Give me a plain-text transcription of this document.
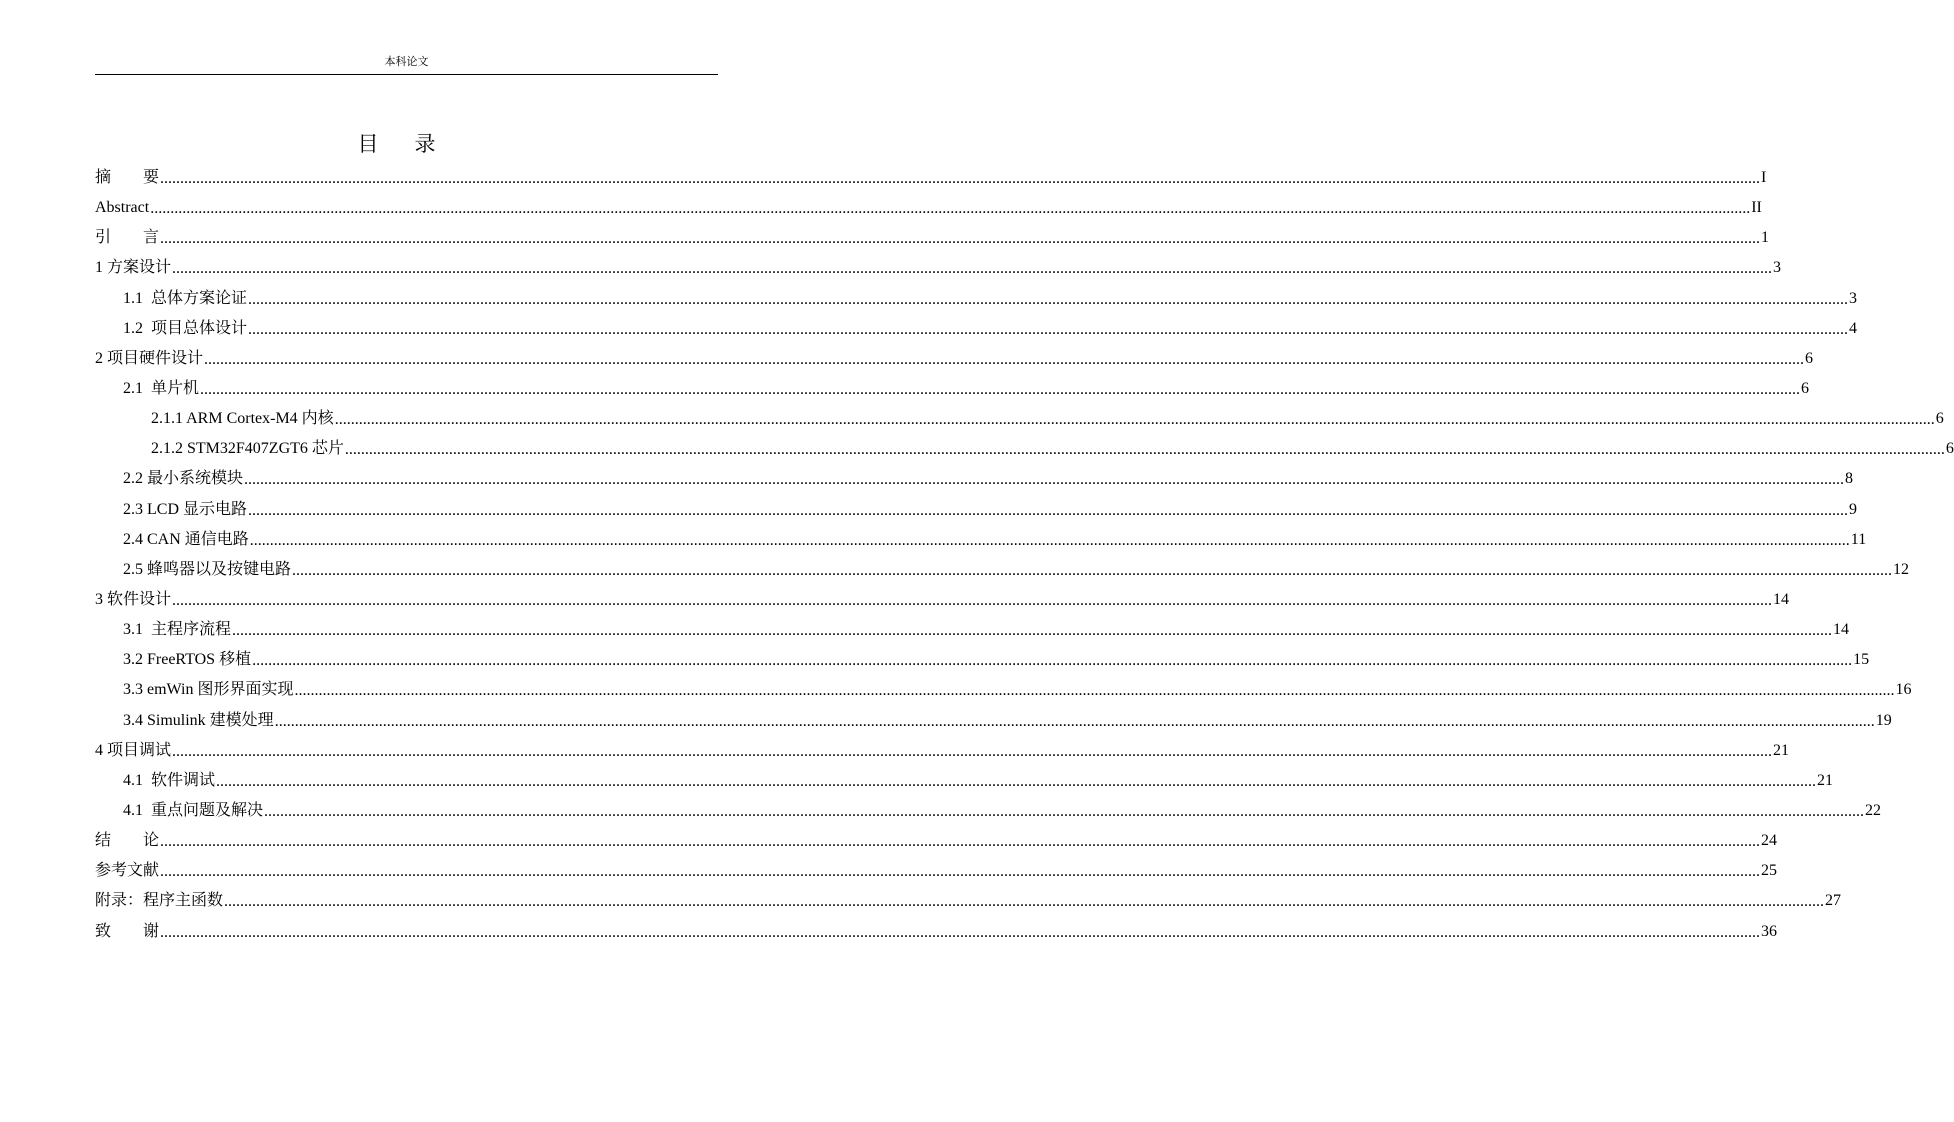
本科论文
目 录
摘　　要 ................................................................................................................................................................................................................................................................................................................................................................................................................ I
Abstract ................................................................................................................................................................................................................................................................................................................................................................................................................ II
引　　言 ................................................................................................................................................................................................................................................................................................................................................................................................................ 1
1 方案设计 ................................................................................................................................................................................................................................................................................................................................................................................................................ 3
1.1  总体方案论证 ................................................................................................................................................................................................................................................................................................................................................................................................................ 3
1.2  项目总体设计 ................................................................................................................................................................................................................................................................................................................................................................................................................ 4
2 项目硬件设计 ................................................................................................................................................................................................................................................................................................................................................................................................................ 6
2.1  单片机 ................................................................................................................................................................................................................................................................................................................................................................................................................ 6
2.1.1 ARM Cortex-M4 内核 ................................................................................................................................................................................................................................................................................................................................................................................................................ 6
2.1.2 STM32F407ZGT6 芯片 ................................................................................................................................................................................................................................................................................................................................................................................................................ 6
2.2 最小系统模块 ................................................................................................................................................................................................................................................................................................................................................................................................................ 8
2.3 LCD 显示电路 ................................................................................................................................................................................................................................................................................................................................................................................................................ 9
2.4 CAN 通信电路 ................................................................................................................................................................................................................................................................................................................................................................................................................ 11
2.5 蜂鸣器以及按键电路 ................................................................................................................................................................................................................................................................................................................................................................................................................ 12
3 软件设计 ................................................................................................................................................................................................................................................................................................................................................................................................................ 14
3.1  主程序流程 ................................................................................................................................................................................................................................................................................................................................................................................................................ 14
3.2 FreeRTOS 移植 ................................................................................................................................................................................................................................................................................................................................................................................................................ 15
3.3 emWin 图形界面实现 ................................................................................................................................................................................................................................................................................................................................................................................................................ 16
3.4 Simulink 建模处理 ................................................................................................................................................................................................................................................................................................................................................................................................................ 19
4 项目调试 ................................................................................................................................................................................................................................................................................................................................................................................................................ 21
4.1  软件调试 ................................................................................................................................................................................................................................................................................................................................................................................................................ 21
4.1  重点问题及解决 ................................................................................................................................................................................................................................................................................................................................................................................................................ 22
结　　论 ................................................................................................................................................................................................................................................................................................................................................................................................................ 24
参考文献 ................................................................................................................................................................................................................................................................................................................................................................................................................ 25
附录：程序主函数 ................................................................................................................................................................................................................................................................................................................................................................................................................ 27
致　　谢 ................................................................................................................................................................................................................................................................................................................................................................................................................ 36
